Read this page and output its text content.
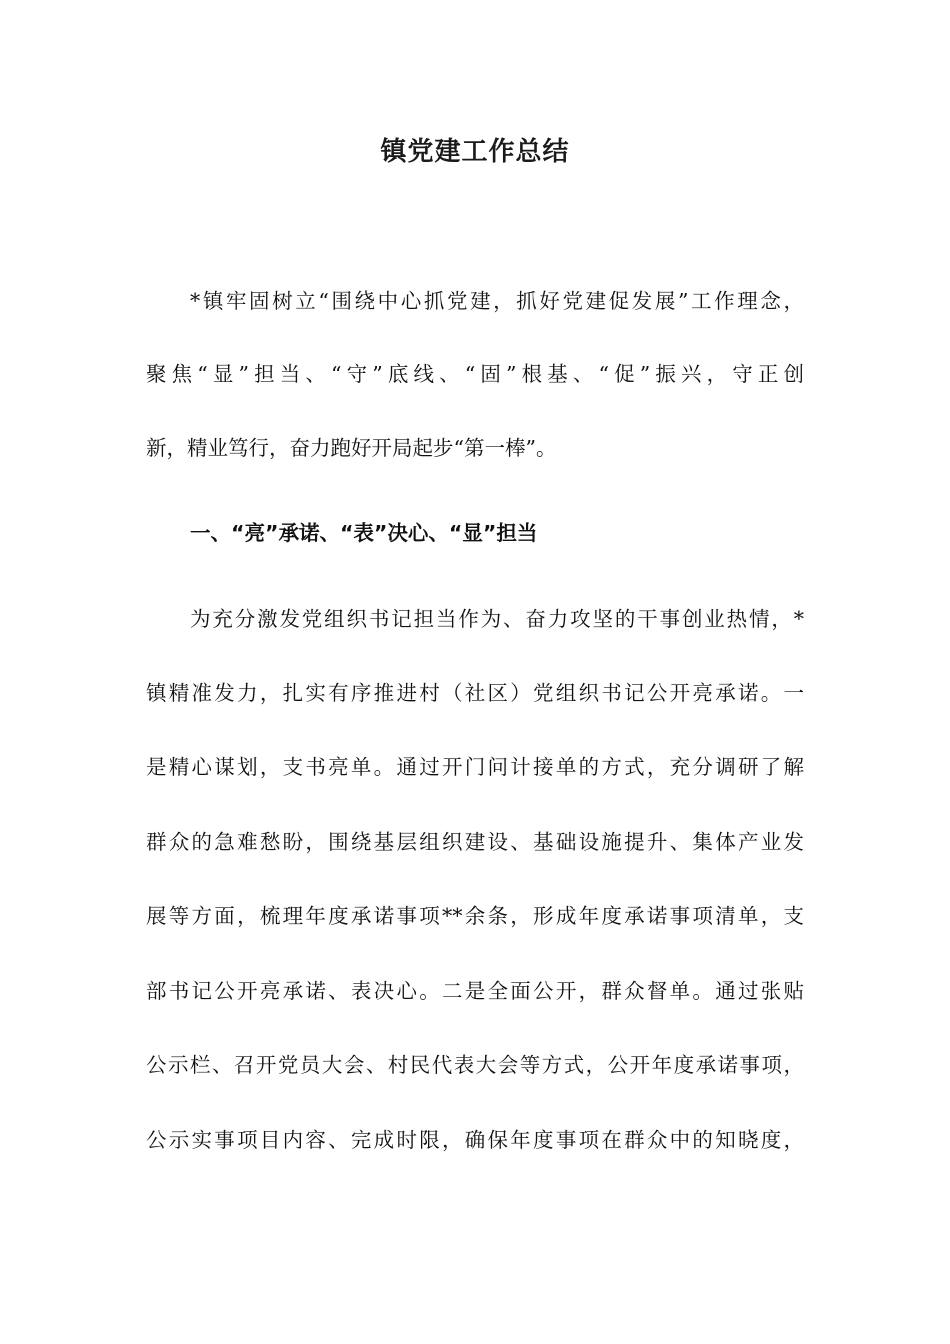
镇党建工作总结
*镇牢固树立“围绕中心抓党建，抓好党建促发展”工作理念，
聚焦“显”担当、“守”底线、“固”根基、“促”振兴，守正创
新，精业笃行，奋力跑好开局起步“第一棒”。
一、“亮”承诺、“表”决心、“显”担当
为充分激发党组织书记担当作为、奋力攻坚的干事创业热情，*
镇精准发力，扎实有序推进村（社区）党组织书记公开亮承诺。一
是精心谋划，支书亮单。通过开门问计接单的方式，充分调研了解
群众的急难愁盼，围绕基层组织建设、基础设施提升、集体产业发
展等方面，梳理年度承诺事项**余条，形成年度承诺事项清单，支
部书记公开亮承诺、表决心。二是全面公开，群众督单。通过张贴
公示栏、召开党员大会、村民代表大会等方式，公开年度承诺事项，
公示实事项目内容、完成时限，确保年度事项在群众中的知晓度，
